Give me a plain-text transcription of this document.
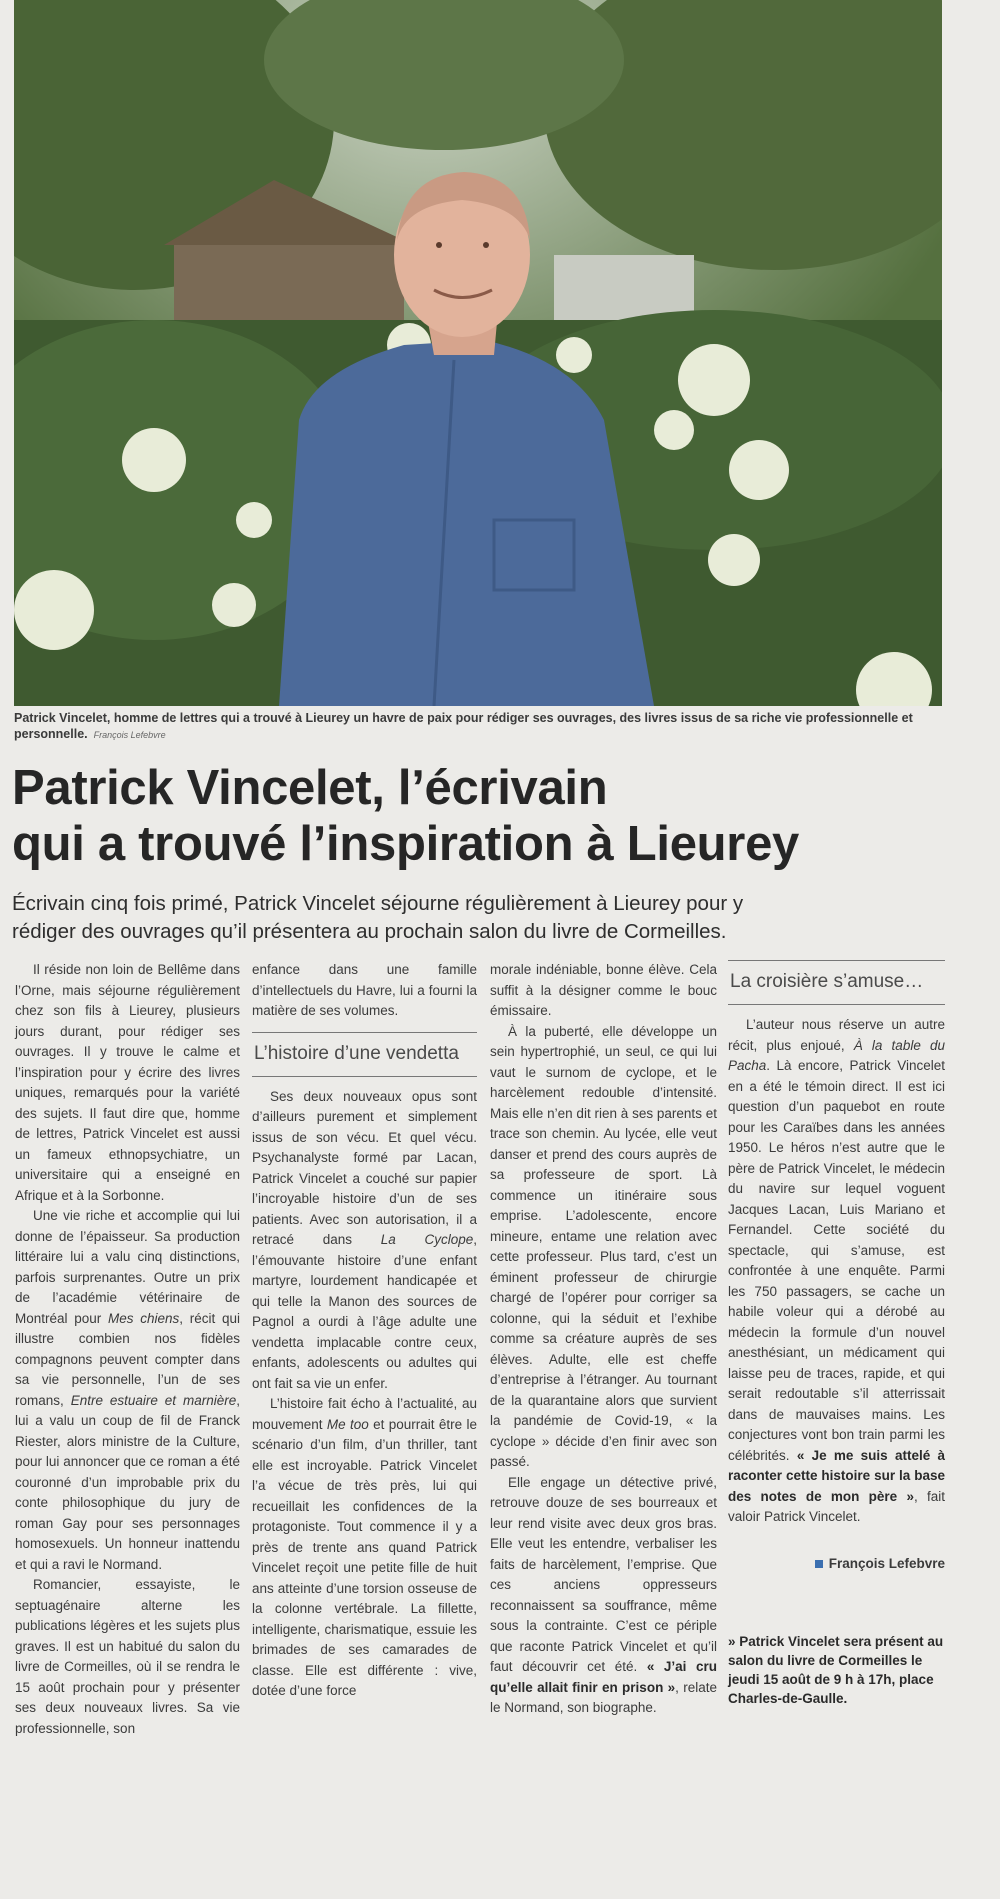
Patrick Vincelet, homme de lettres qui a trouvé à Lieurey un havre de paix pour rédiger ses ouvrages, des livres issus de sa riche vie professionnelle et personnelle. François Lefebvre
Patrick Vincelet, l’écrivain
qui a trouvé l’inspiration à Lieurey
Écrivain cinq fois primé, Patrick Vincelet séjourne régulièrement à Lieurey pour y
rédiger des ouvrages qu’il présentera au prochain salon du livre de Cormeilles.

Il réside non loin de Bellême dans l’Orne, mais séjourne régulièrement chez son fils à Lieurey, plusieurs jours durant, pour rédiger ses ouvrages. Il y trouve le calme et l’inspiration pour y écrire des livres uniques, remarqués pour la variété des sujets. Il faut dire que, homme de lettres, Patrick Vincelet est aussi un fameux ethnopsychiatre, un universitaire qui a enseigné en Afrique et à la Sorbonne.

Une vie riche et accomplie qui lui donne de l’épaisseur. Sa production littéraire lui a valu cinq distinctions, parfois surprenantes. Outre un prix de l’académie vétérinaire de Montréal pour Mes chiens, récit qui illustre combien nos fidèles compagnons peuvent compter dans sa vie personnelle, l’un de ses romans, Entre estuaire et marnière, lui a valu un coup de fil de Franck Riester, alors ministre de la Culture, pour lui annoncer que ce roman a été couronné d’un improbable prix du conte philosophique du jury de roman Gay pour ses personnages homosexuels. Un honneur inattendu et qui a ravi le Normand.

Romancier, essayiste, le septuagénaire alterne les publications légères et les sujets plus graves. Il est un habitué du salon du livre de Cormeilles, où il se rendra le 15 août prochain pour y présenter ses deux nouveaux livres. Sa vie professionnelle, son

enfance dans une famille d’intellectuels du Havre, lui a fourni la matière de ses volumes.

L’histoire d’une vendetta

Ses deux nouveaux opus sont d’ailleurs purement et simplement issus de son vécu. Et quel vécu. Psychanalyste formé par Lacan, Patrick Vincelet a couché sur papier l’incroyable histoire d’un de ses patients. Avec son autorisation, il a retracé dans La Cyclope, l’émouvante histoire d’une enfant martyre, lourdement handicapée et qui telle la Manon des sources de Pagnol a ourdi à l’âge adulte une vendetta implacable contre ceux, enfants, adolescents ou adultes qui ont fait sa vie un enfer.

L’histoire fait écho à l’actualité, au mouvement Me too et pourrait être le scénario d’un film, d’un thriller, tant elle est incroyable. Patrick Vincelet l’a vécue de très près, lui qui recueillait les confidences de la protagoniste. Tout commence il y a près de trente ans quand Patrick Vincelet reçoit une petite fille de huit ans atteinte d’une torsion osseuse de la colonne vertébrale. La fillette, intelligente, charismatique, essuie les brimades de ses camarades de classe. Elle est différente : vive, dotée d’une force

morale indéniable, bonne élève. Cela suffit à la désigner comme le bouc émissaire.

À la puberté, elle développe un sein hypertrophié, un seul, ce qui lui vaut le surnom de cyclope, et le harcèlement redouble d’intensité. Mais elle n’en dit rien à ses parents et trace son chemin. Au lycée, elle veut danser et prend des cours auprès de sa professeure de sport. Là commence un itinéraire sous emprise. L’adolescente, encore mineure, entame une relation avec cette professeur. Plus tard, c’est un éminent professeur de chirurgie chargé de l’opérer pour corriger sa colonne, qui la séduit et l’exhibe comme sa créature auprès de ses élèves. Adulte, elle est cheffe d’entreprise à l’étranger. Au tournant de la quarantaine alors que survient la pandémie de Covid-19, « la cyclope » décide d’en finir avec son passé.

Elle engage un détective privé, retrouve douze de ses bourreaux et leur rend visite avec deux gros bras. Elle veut les entendre, verbaliser les faits de harcèlement, l’emprise. Que ces anciens oppresseurs reconnaissent sa souffrance, même sous la contrainte. C’est ce périple que raconte Patrick Vincelet et qu’il faut découvrir cet été. « J’ai cru qu’elle allait finir en prison », relate le Normand, son biographe.

La croisière s’amuse…

L’auteur nous réserve un autre récit, plus enjoué, À la table du Pacha. Là encore, Patrick Vincelet en a été le témoin direct. Il est ici question d’un paquebot en route pour les Caraïbes dans les années 1950. Le héros n’est autre que le père de Patrick Vincelet, le médecin du navire sur lequel voguent Jacques Lacan, Luis Mariano et Fernandel. Cette société du spectacle, qui s’amuse, est confrontée à une enquête. Parmi les 750 passagers, se cache un habile voleur qui a dérobé au médecin la formule d’un nouvel anesthésiant, un médicament qui laisse peu de traces, rapide, et qui serait redoutable s’il atterrissait dans de mauvaises mains. Les conjectures vont bon train parmi les célébrités. « Je me suis attelé à raconter cette histoire sur la base des notes de mon père », fait valoir Patrick Vincelet.

François Lefebvre
» Patrick Vincelet sera présent au salon du livre de Cormeilles le jeudi 15 août de 9 h à 17h, place Charles-de-Gaulle.
